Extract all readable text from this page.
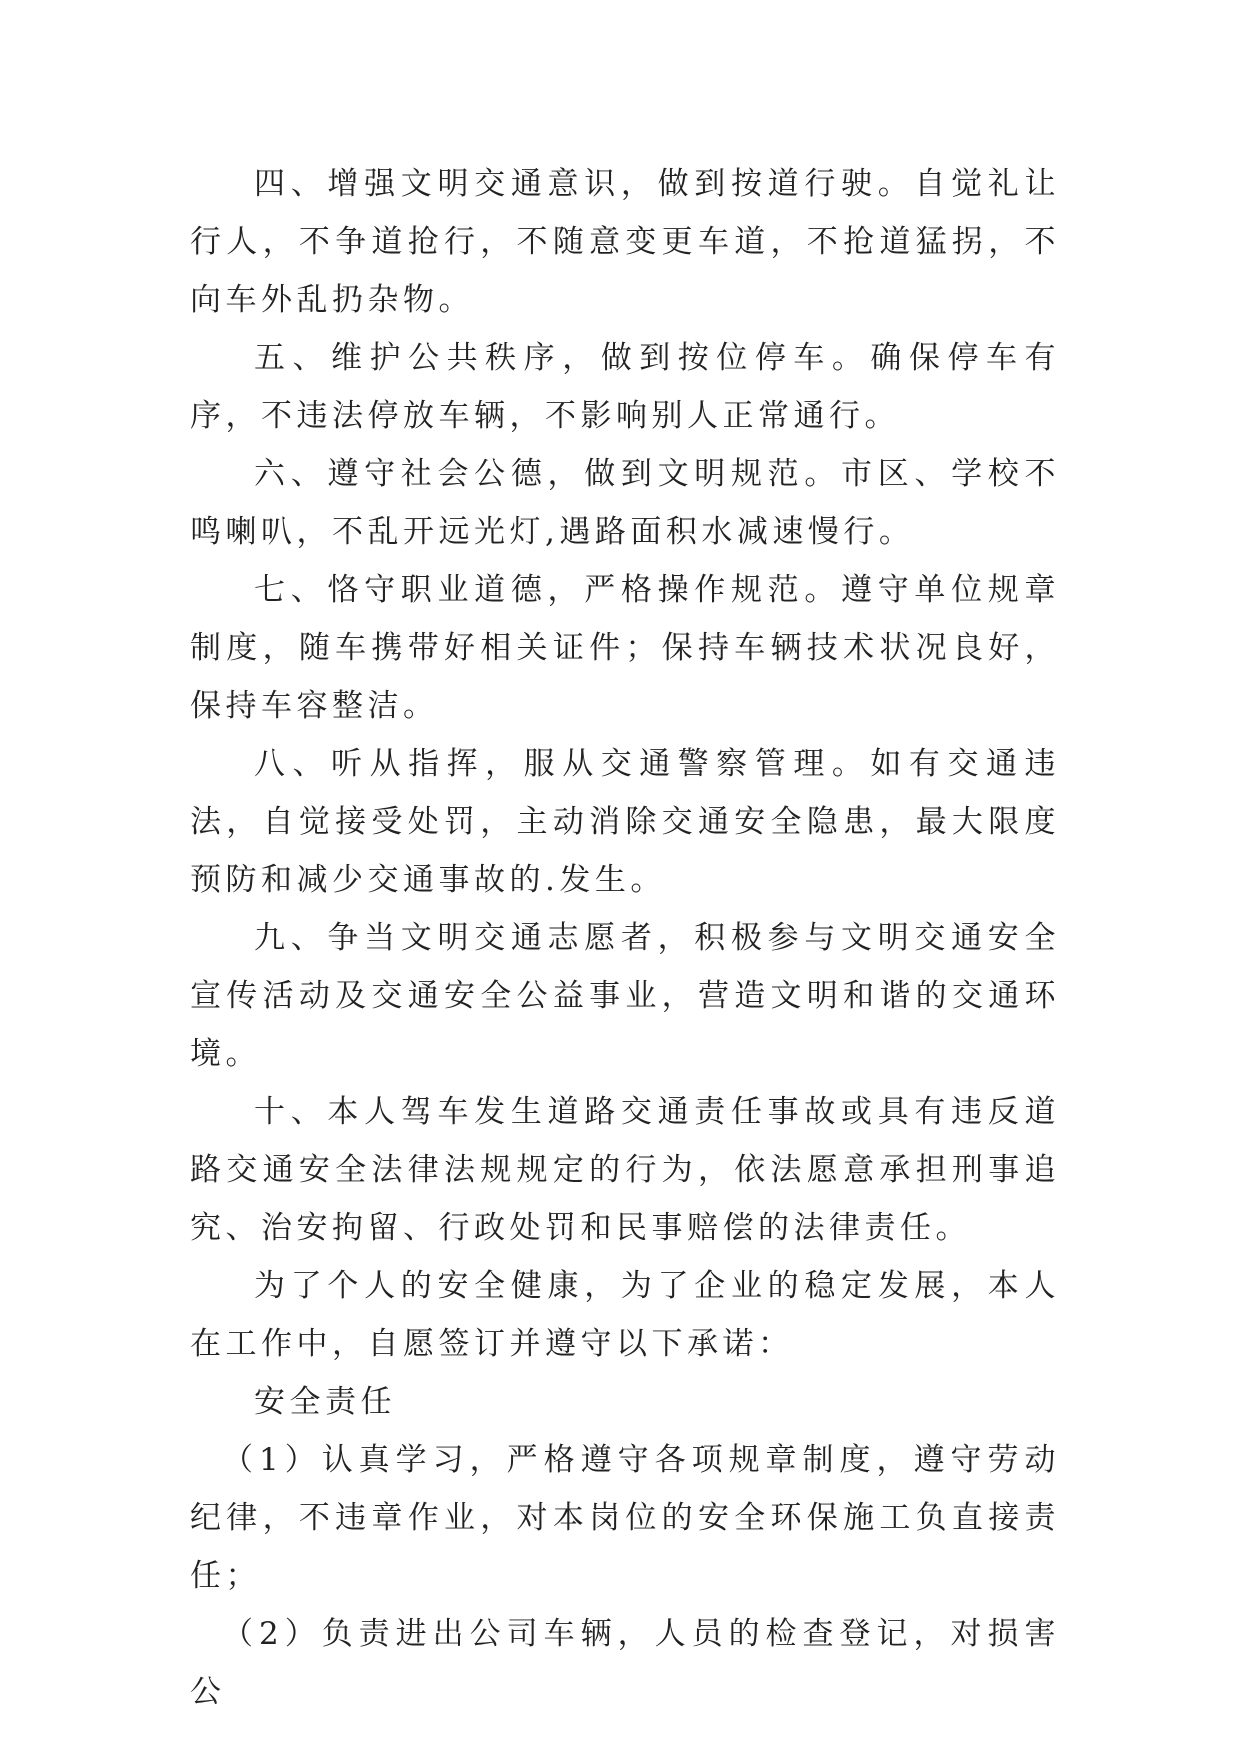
四、增强文明交通意识，做到按道行驶。自觉礼让行人，不争道抢行，不随意变更车道，不抢道猛拐，不向车外乱扔杂物。

五、维护公共秩序，做到按位停车。确保停车有序，不违法停放车辆，不影响别人正常通行。

六、遵守社会公德，做到文明规范。市区、学校不鸣喇叭，不乱开远光灯,遇路面积水减速慢行。

七、恪守职业道德，严格操作规范。遵守单位规章制度，随车携带好相关证件；保持车辆技术状况良好，保持车容整洁。

八、听从指挥，服从交通警察管理。如有交通违法，自觉接受处罚，主动消除交通安全隐患，最大限度预防和减少交通事故的.发生。

九、争当文明交通志愿者，积极参与文明交通安全宣传活动及交通安全公益事业，营造文明和谐的交通环境。

十、本人驾车发生道路交通责任事故或具有违反道路交通安全法律法规规定的行为，依法愿意承担刑事追究、治安拘留、行政处罚和民事赔偿的法律责任。

为了个人的安全健康，为了企业的稳定发展，本人在工作中，自愿签订并遵守以下承诺：

安全责任

（1）认真学习，严格遵守各项规章制度，遵守劳动纪律，不违章作业，对本岗位的安全环保施工负直接责任；

（2）负责进出公司车辆，人员的检查登记，对损害公
